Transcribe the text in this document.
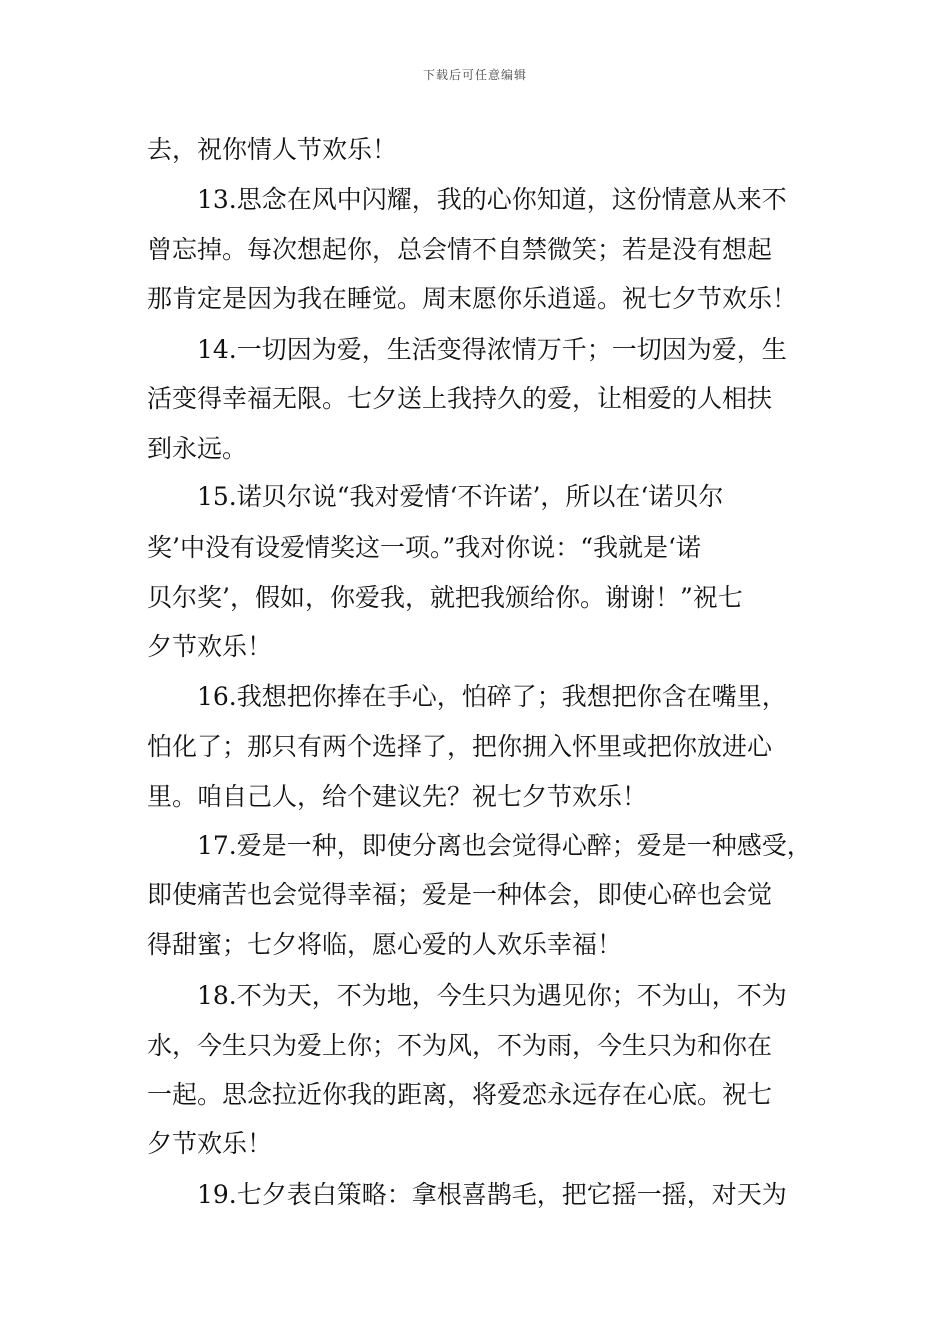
下载后可任意编辑
去，祝你情人节欢乐！
13.思念在风中闪耀，我的心你知道，这份情意从来不
曾忘掉。每次想起你，总会情不自禁微笑；若是没有想起
那肯定是因为我在睡觉。周末愿你乐逍遥。祝七夕节欢乐！
14.一切因为爱，生活变得浓情万千；一切因为爱，生
活变得幸福无限。七夕送上我持久的爱，让相爱的人相扶
到永远。
15.诺贝尔说“我对爱情‘不许诺’，所以在‘诺贝尔
奖’中没有设爱情奖这一项。”我对你说：“我就是‘诺
贝尔奖’，假如，你爱我，就把我颁给你。谢谢！”祝七
夕节欢乐！
16.我想把你捧在手心，怕碎了；我想把你含在嘴里，
怕化了；那只有两个选择了，把你拥入怀里或把你放进心
里。咱自己人，给个建议先？祝七夕节欢乐！
17.爱是一种，即使分离也会觉得心醉；爱是一种感受，
即使痛苦也会觉得幸福；爱是一种体会，即使心碎也会觉
得甜蜜；七夕将临，愿心爱的人欢乐幸福！
18.不为天，不为地，今生只为遇见你；不为山，不为
水，今生只为爱上你；不为风，不为雨，今生只为和你在
一起。思念拉近你我的距离，将爱恋永远存在心底。祝七
夕节欢乐！
19.七夕表白策略：拿根喜鹊毛，把它摇一摇，对天为
